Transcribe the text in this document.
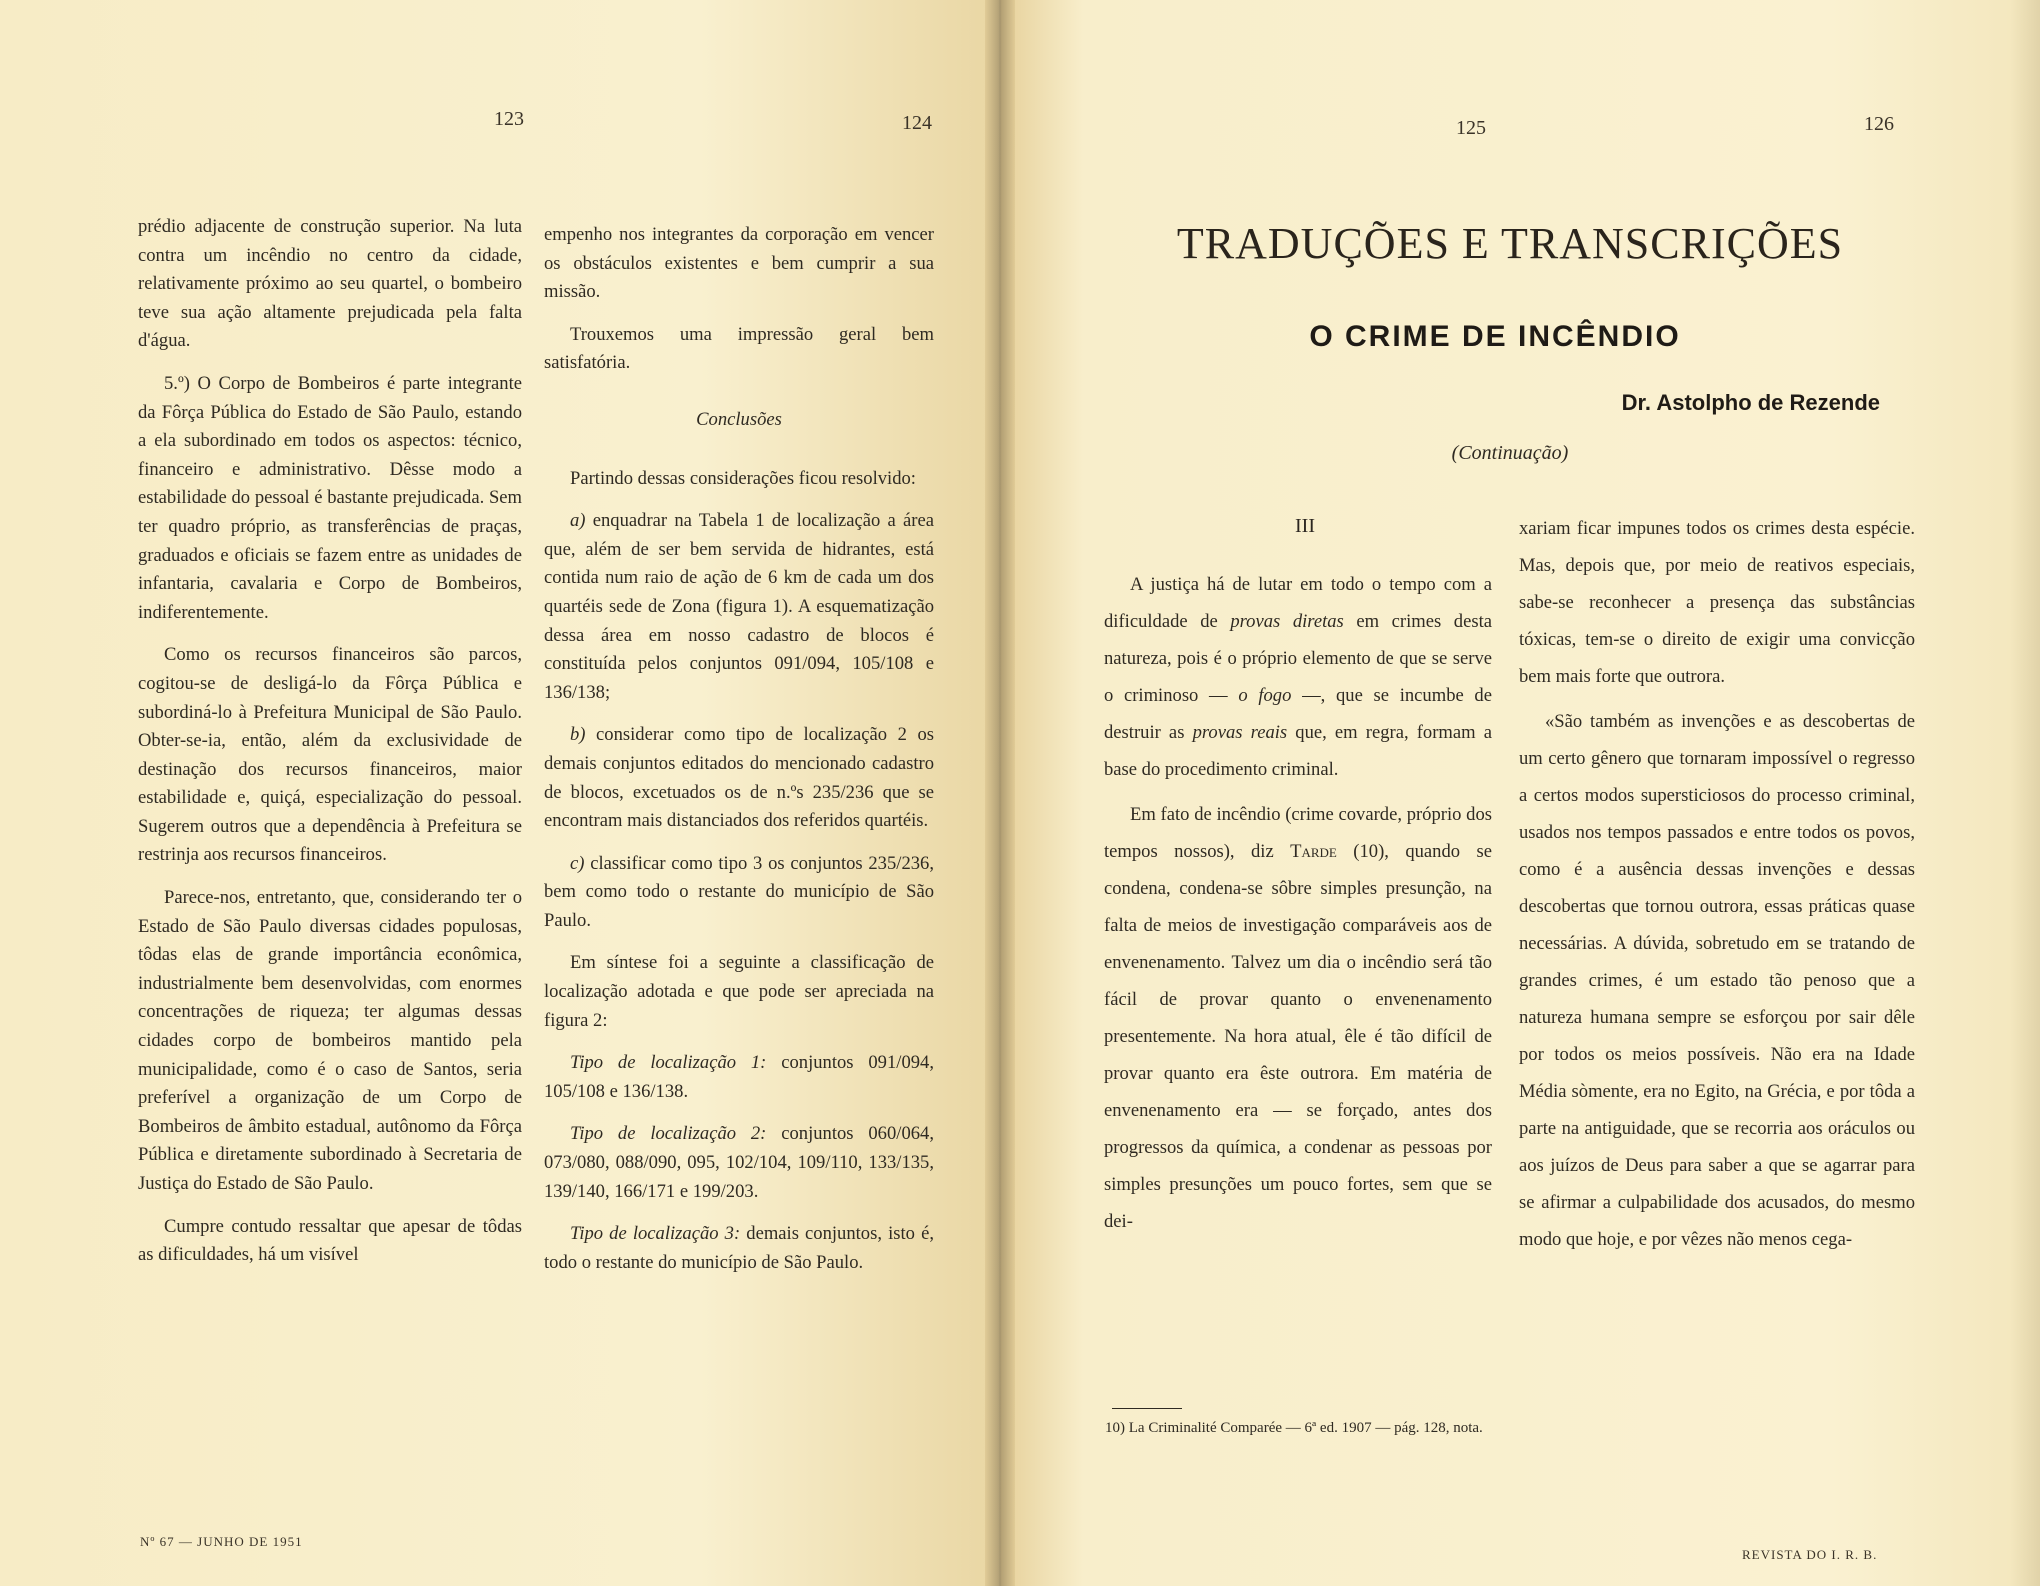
123	124	125	126

prédio adjacente de construção superior. Na luta contra um incêndio no centro da cidade, relativamente próximo ao seu quartel, o bombeiro teve sua ação altamente prejudicada pela falta d'água.

5.º) O Corpo de Bombeiros é parte integrante da Fôrça Pública do Estado de São Paulo, estando a ela subordinado em todos os aspectos: técnico, financeiro e administrativo. Dêsse modo a estabilidade do pessoal é bastante prejudicada. Sem ter quadro próprio, as transferências de praças, graduados e oficiais se fazem entre as unidades de infantaria, cavalaria e Corpo de Bombeiros, indiferentemente.

Como os recursos financeiros são parcos, cogitou-se de desligá-lo da Fôrça Pública e subordiná-lo à Prefeitura Municipal de São Paulo. Obter-se-ia, então, além da exclusividade de destinação dos recursos financeiros, maior estabilidade e, quiçá, especialização do pessoal. Sugerem outros que a dependência à Prefeitura se restrinja aos recursos financeiros.

Parece-nos, entretanto, que, considerando ter o Estado de São Paulo diversas cidades populosas, tôdas elas de grande importância econômica, industrialmente bem desenvolvidas, com enormes concentrações de riqueza; ter algumas dessas cidades corpo de bombeiros mantido pela municipalidade, como é o caso de Santos, seria preferível a organização de um Corpo de Bombeiros de âmbito estadual, autônomo da Fôrça Pública e diretamente subordinado à Secretaria de Justiça do Estado de São Paulo.

Cumpre contudo ressaltar que apesar de tôdas as dificuldades, há um visível

empenho nos integrantes da corporação em vencer os obstáculos existentes e bem cumprir a sua missão.

Trouxemos uma impressão geral bem satisfatória.

Conclusões

Partindo dessas considerações ficou resolvido:

a) enquadrar na Tabela 1 de localização a área que, além de ser bem servida de hidrantes, está contida num raio de ação de 6 km de cada um dos quartéis sede de Zona (figura 1). A esquematização dessa área em nosso cadastro de blocos é constituída pelos conjuntos 091/094, 105/108 e 136/138;

b) considerar como tipo de localização 2 os demais conjuntos editados do mencionado cadastro de blocos, excetuados os de n.ºs 235/236 que se encontram mais distanciados dos referidos quartéis.

c) classificar como tipo 3 os conjuntos 235/236, bem como todo o restante do município de São Paulo.

Em síntese foi a seguinte a classificação de localização adotada e que pode ser apreciada na figura 2:

Tipo de localização 1: conjuntos 091/094, 105/108 e 136/138.

Tipo de localização 2: conjuntos 060/064, 073/080, 088/090, 095, 102/104, 109/110, 133/135, 139/140, 166/171 e 199/203.

Tipo de localização 3: demais conjuntos, isto é, todo o restante do município de São Paulo.

TRADUÇÕES E TRANSCRIÇÕES
O CRIME DE INCÊNDIO
Dr. Astolpho de Rezende
(Continuação)
III

A justiça há de lutar em todo o tempo com a dificuldade de provas diretas em crimes desta natureza, pois é o próprio elemento de que se serve o criminoso — o fogo —, que se incumbe de destruir as provas reais que, em regra, formam a base do procedimento criminal.

Em fato de incêndio (crime covarde, próprio dos tempos nossos), diz Tarde (10), quando se condena, condena-se sôbre simples presunção, na falta de meios de investigação comparáveis aos de envenenamento. Talvez um dia o incêndio será tão fácil de provar quanto o envenenamento presentemente. Na hora atual, êle é tão difícil de provar quanto era êste outrora. Em matéria de envenenamento era — se forçado, antes dos progressos da química, a condenar as pessoas por simples presunções um pouco fortes, sem que se dei-

10) La Criminalité Comparée — 6ª ed. 1907 — pág. 128, nota.

xariam ficar impunes todos os crimes desta espécie. Mas, depois que, por meio de reativos especiais, sabe-se reconhecer a presença das substâncias tóxicas, tem-se o direito de exigir uma convicção bem mais forte que outrora.

«São também as invenções e as descobertas de um certo gênero que tornaram impossível o regresso a certos modos supersticiosos do processo criminal, usados nos tempos passados e entre todos os povos, como é a ausência dessas invenções e dessas descobertas que tornou outrora, essas práticas quase necessárias. A dúvida, sobretudo em se tratando de grandes crimes, é um estado tão penoso que a natureza humana sempre se esforçou por sair dêle por todos os meios possíveis. Não era na Idade Média sòmente, era no Egito, na Grécia, e por tôda a parte na antiguidade, que se recorria aos oráculos ou aos juízos de Deus para saber a que se agarrar para se afirmar a culpabilidade dos acusados, do mesmo modo que hoje, e por vêzes não menos cega-

Nº 67 — JUNHO DE 1951
REVISTA DO I. R. B.
